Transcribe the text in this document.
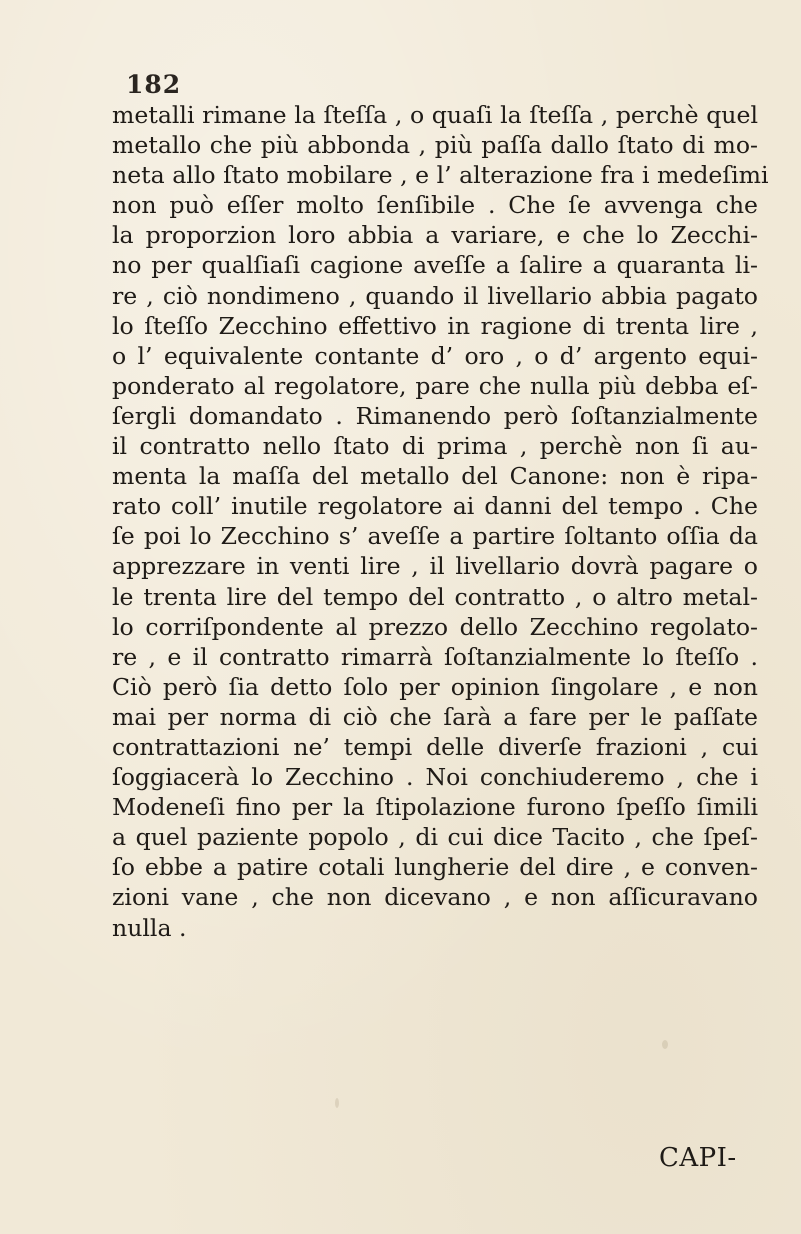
182
metalli rimane la ſteſſa , o quaſi la ſteſſa , perchè quel
metallo che più abbonda , più paſſa dallo ſtato di mo-
neta allo ſtato mobilare , e l’ alterazione fra i medeſimi
non può eſſer molto ſenſibile . Che ſe avvenga che
la proporzion loro abbia a variare, e che lo Zecchi-
no per qualſiaſi cagione aveſſe a ſalire a quaranta li-
re , ciò nondimeno , quando il livellario abbia pagato
lo ſteſſo Zecchino effettivo in ragione di trenta lire ,
o l’ equivalente contante d’ oro , o d’ argento equi-
ponderato al regolatore, pare che nulla più debba eſ-
ſergli domandato . Rimanendo però ſoſtanzialmente
il contratto nello ſtato di prima , perchè non ſi au-
menta la maſſa del metallo del Canone: non è ripa-
rato coll’ inutile regolatore ai danni del tempo . Che
ſe poi lo Zecchino s’ aveſſe a partire ſoltanto oſſia da
apprezzare in venti lire , il livellario dovrà pagare o
le trenta lire del tempo del contratto , o altro metal-
lo corriſpondente al prezzo dello Zecchino regolato-
re , e il contratto rimarrà ſoſtanzialmente lo ſteſſo .
Ciò però ſia detto ſolo per opinion ſingolare , e non
mai per norma di ciò che ſarà a fare per le paſſate
contrattazioni ne’ tempi delle diverſe frazioni , cui
ſoggiacerà lo Zecchino . Noi conchiuderemo , che i
Modeneſi fino per la ſtipolazione furono ſpeſſo ſimili
a quel paziente popolo , di cui dice Tacito , che ſpeſ-
ſo ebbe a patire cotali lungherie del dire , e conven-
zioni vane , che non dicevano , e non aſſicuravano
nulla .
CAPI-
